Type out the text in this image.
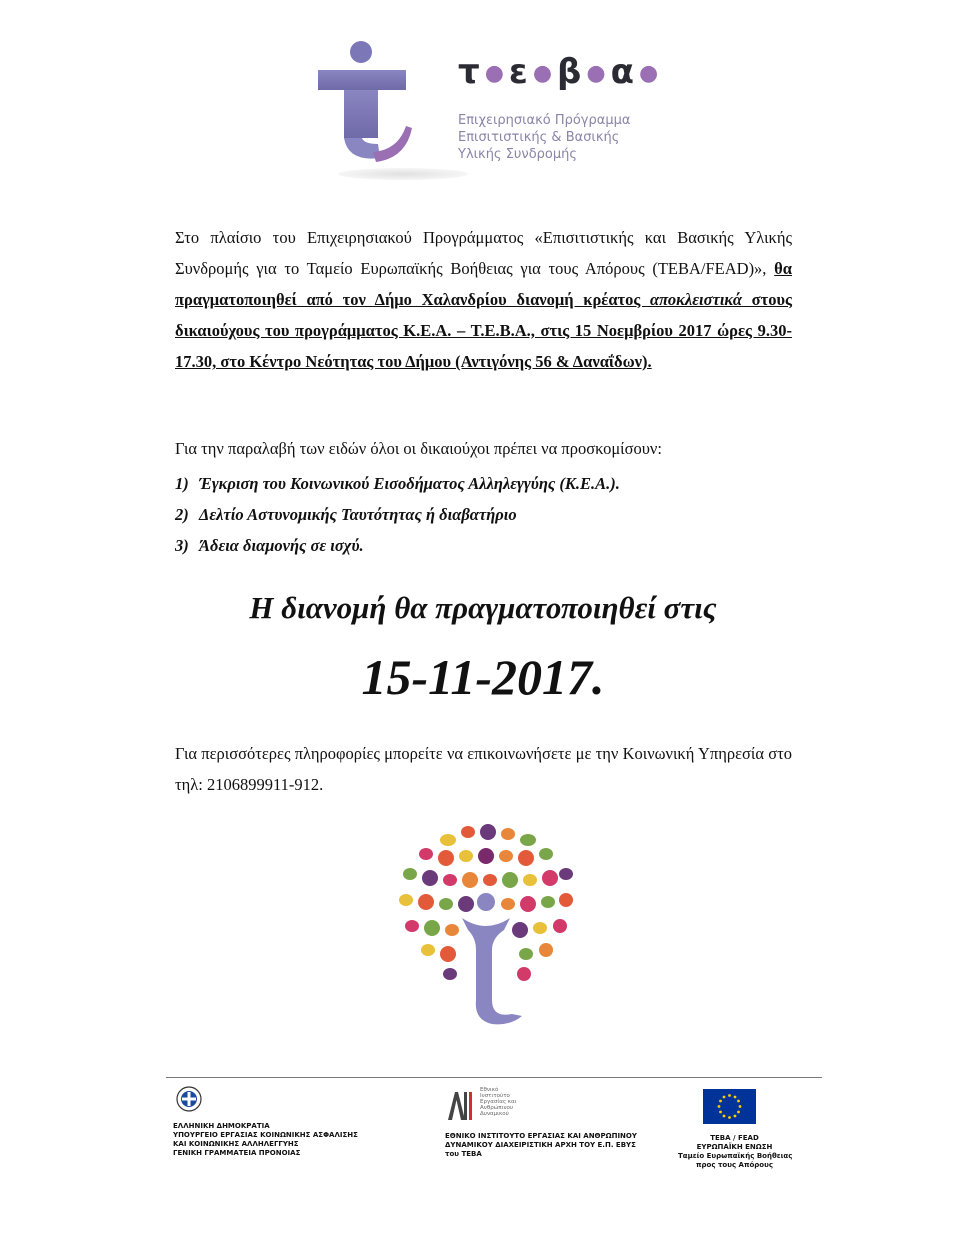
τ ● ε ● β ● α ●
Επιχειρησιακό Πρόγραμμα
Επισιτιστικής & Βασικής
Υλικής Συνδρομής
Στο πλαίσιο του Επιχειρησιακού Προγράμματος «Επισιτιστικής και Βασικής Υλικής Συνδρομής για το Ταμείο Ευρωπαϊκής Βοήθειας για τους Απόρους (ΤΕΒΑ/FEAD)», θα πραγματοποιηθεί από τον Δήμο Χαλανδρίου διανομή κρέατος αποκλειστικά στους δικαιούχους του προγράμματος Κ.Ε.Α. – Τ.Ε.Β.Α., στις 15 Νοεμβρίου 2017 ώρες 9.30- 17.30, στο Κέντρο Νεότητας του Δήμου (Αντιγόνης 56 & Δαναΐδων).
Για την παραλαβή των ειδών όλοι οι δικαιούχοι πρέπει να προσκομίσουν:
1) Έγκριση του Κοινωνικού Εισοδήματος Αλληλεγγύης (Κ.Ε.Α.).
2) Δελτίο Αστυνομικής Ταυτότητας ή διαβατήριο
3) Άδεια διαμονής σε ισχύ.
Η διανομή θα πραγματοποιηθεί στις
15-11-2017.
Για περισσότερες πληροφορίες μπορείτε να επικοινωνήσετε με την Κοινωνική Υπηρεσία στο τηλ: 2106899911-912.
ΕΛΛΗΝΙΚΗ ΔΗΜΟΚΡΑΤΙΑ
ΥΠΟΥΡΓΕΙΟ ΕΡΓΑΣΙΑΣ ΚΟΙΝΩΝΙΚΗΣ ΑΣΦΑΛΙΣΗΣ
ΚΑΙ ΚΟΙΝΩΝΙΚΗΣ ΑΛΛΗΛΕΓΓΥΗΣ
ΓΕΝΙΚΗ ΓΡΑΜΜΑΤΕΙΑ ΠΡΟΝΟΙΑΣ
Εθνικό
Ινστιτούτο
Εργασίας και
Ανθρώπινου
Δυναμικού
ΕΘΝΙΚΟ ΙΝΣΤΙΤΟΥΤΟ ΕΡΓΑΣΙΑΣ ΚΑΙ ΑΝΘΡΩΠΙΝΟΥ
ΔΥΝΑΜΙΚΟΥ ΔΙΑΧΕΙΡΙΣΤΙΚΗ ΑΡΧΗ ΤΟΥ Ε.Π. ΕΒΥΣ
του ΤΕΒΑ
ΤΕΒΑ / FEAD
ΕΥΡΩΠΑΪΚΗ ΕΝΩΣΗ
Ταμείο Ευρωπαϊκής Βοήθειας
προς τους Απόρους
